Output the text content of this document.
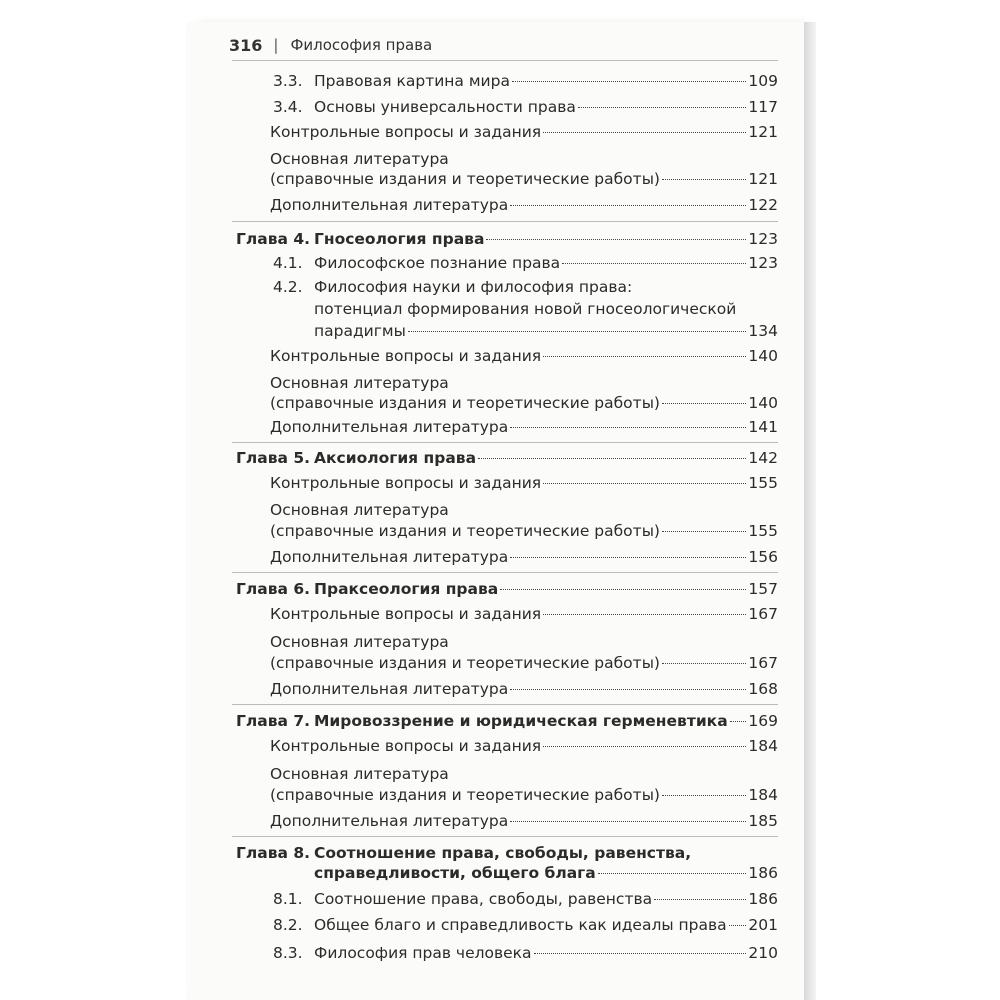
316 | Философия права
3.3. Правовая картина мира	109
3.4. Основы универсальности права	117
Контрольные вопросы и задания	121
Основная литература
(справочные издания и теоретические работы)	121
Дополнительная литература	122
Глава 4. Гносеология права	123
4.1. Философское познание права	123
4.2. Философия науки и философия права:
потенциал формирования новой гносеологической
парадигмы	134
Контрольные вопросы и задания	140
Основная литература
(справочные издания и теоретические работы)	140
Дополнительная литература	141
Глава 5. Аксиология права	142
Контрольные вопросы и задания	155
Основная литература
(справочные издания и теоретические работы)	155
Дополнительная литература	156
Глава 6. Праксеология права	157
Контрольные вопросы и задания	167
Основная литература
(справочные издания и теоретические работы)	167
Дополнительная литература	168
Глава 7. Мировоззрение и юридическая герменевтика 169
Контрольные вопросы и задания	184
Основная литература
(справочные издания и теоретические работы)	184
Дополнительная литература	185
Глава 8. Соотношение права, свободы, равенства,
справедливости, общего блага	186
8.1. Соотношение права, свободы, равенства	186
8.2. Общее благо и справедливость как идеалы права 201
8.3. Философия прав человека	210
